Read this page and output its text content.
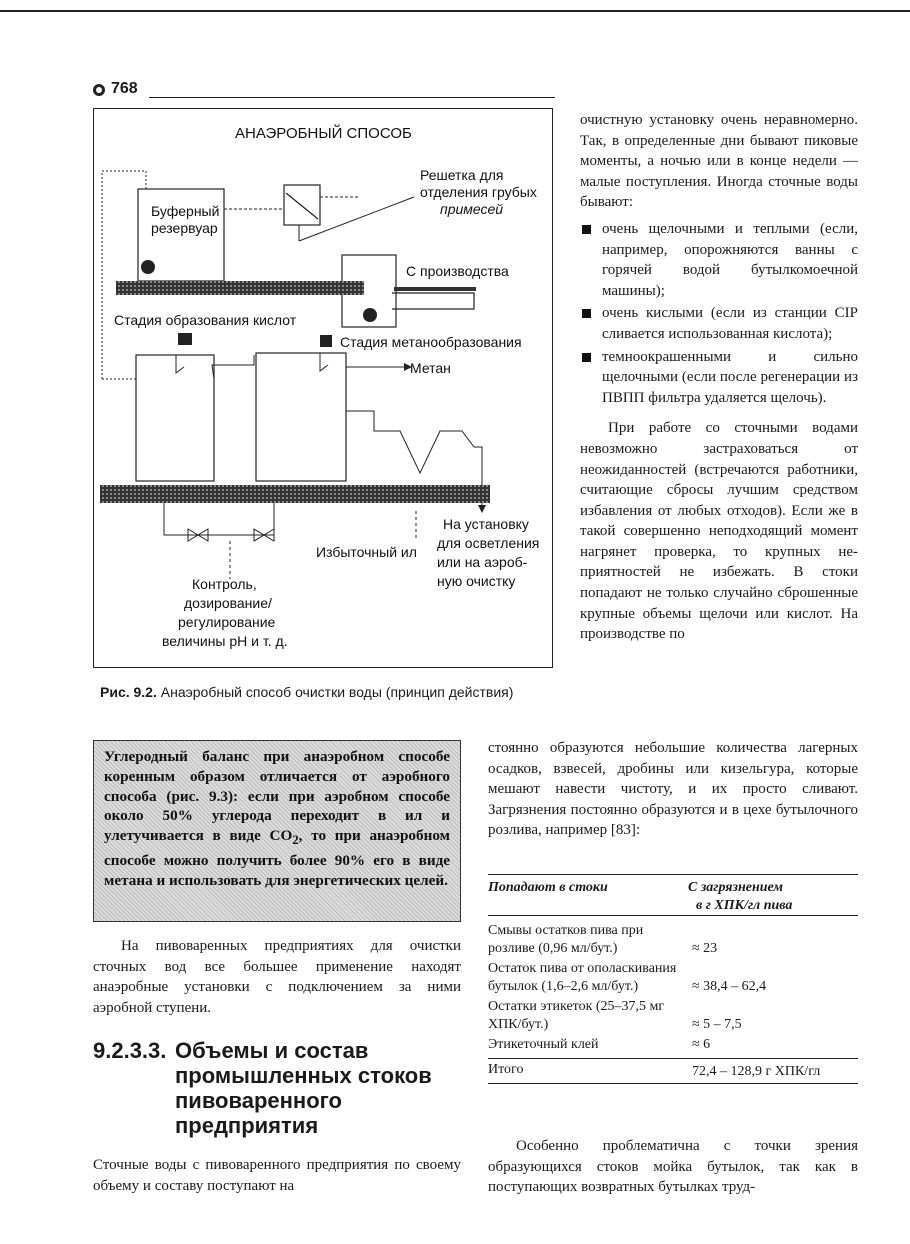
768
АНАЭРОБНЫЙ СПОСОБ
Буферный
резервуар
Решетка для
отделения грубых
примесей
С производства
Стадия образования кислот
Стадия метанообразования
Метан
Избыточный ил
На установку
для осветления
или на аэроб-
ную очистку
Контроль,
дозирование/
регулирование
величины рН и т. д.
Рис. 9.2. Анаэробный способ очистки воды (принцип действия)

очистную установку очень неравномерно. Так, в определенные дни бывают пиковые моменты, а ночью или в конце недели — малые поступления. Иногда сточные воды бывают:

очень щелочными и теплыми (если, например, опорожняются ванны с горячей водой бутылкомоечной машины);
очень кислыми (если из станции CIP сливается использованная кислота);
темноокрашенными и сильно щелочными (если после регенерации из ПВПП фильтра удаляется щелочь).

При работе со сточными водами невозможно застраховаться от неожиданностей (встречаются работники, считающие сбросы лучшим средством избавления от любых отходов). Если же в такой совершенно неподходящий момент нагрянет проверка, то крупных неприятностей не избежать. В стоки попадают не только случайно сброшенные крупные объемы щелочи или кислот. На производстве по

стоянно образуются небольшие количества лагерных осадков, взвесей, дробины или кизельгура, которые мешают навести чистоту, и их просто сливают. Загрязнения постоянно образуются и в цехе бутылочного розлива, например [83]:

Углеродный баланс при анаэробном способе коренным образом отличается от аэробного способа (рис. 9.3): если при аэробном способе около 50% углерода переходит в ил и улетучивается в виде $СО_2$, то при анаэробном способе можно получить более 90% его в виде метана и использовать для энергетических целей.

На пивоваренных предприятиях для очистки сточных вод все большее применение находят анаэробные установки с подключением за ними аэробной ступени.

9.2.3.3. Объемы и состав промышленных стоков пивоваренного предприятия

Сточные воды с пивоваренного предприятия по своему объему и составу поступают на

Попадают в стоки	С загрязнением
в г ХПК/гл пива
Смывы остатков пива при розливе (0,96 мл/бут.)	≈ 23
Остаток пива от ополаскивания бутылок (1,6–2,6 мл/бут.)	≈ 38,4 – 62,4
Остатки этикеток (25–37,5 мг ХПК/бут.)	≈ 5 – 7,5
Этикеточный клей	≈ 6
Итого	72,4 – 128,9 г ХПК/гл

Особенно проблематична с точки зрения образующихся стоков мойка бутылок, так как в поступающих возвратных бутылках труд-
